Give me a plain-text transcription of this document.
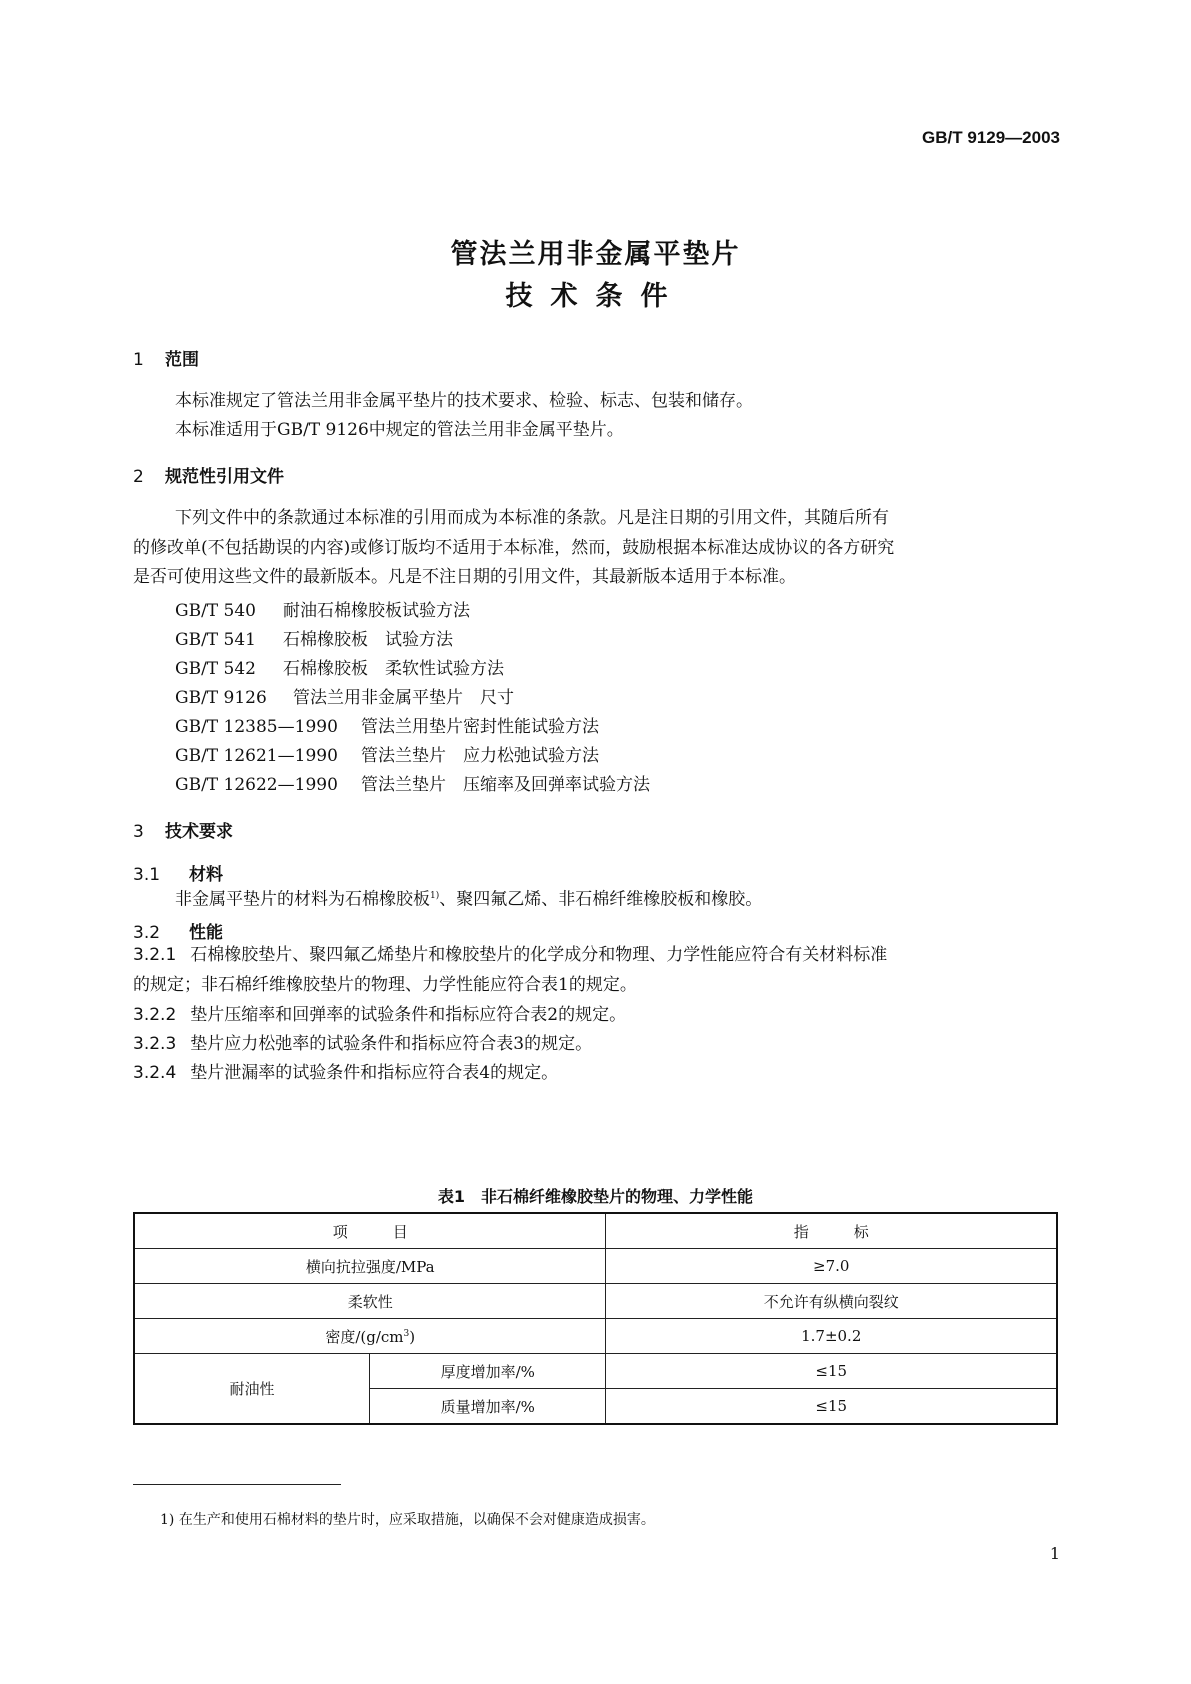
GB/T 9129—2003
管法兰用非金属平垫片
技术条件
1 范围
本标准规定了管法兰用非金属平垫片的技术要求、检验、标志、包装和储存。
本标准适用于GB/T 9126中规定的管法兰用非金属平垫片。
2 规范性引用文件
下列文件中的条款通过本标准的引用而成为本标准的条款。凡是注日期的引用文件，其随后所有
的修改单(不包括勘误的内容)或修订版均不适用于本标准，然而，鼓励根据本标准达成协议的各方研究
是否可使用这些文件的最新版本。凡是不注日期的引用文件，其最新版本适用于本标准。
GB/T 540 耐油石棉橡胶板试验方法
GB/T 541 石棉橡胶板　试验方法
GB/T 542 石棉橡胶板　柔软性试验方法
GB/T 9126 管法兰用非金属平垫片　尺寸
GB/T 12385—1990 管法兰用垫片密封性能试验方法
GB/T 12621—1990 管法兰垫片　应力松弛试验方法
GB/T 12622—1990 管法兰垫片　压缩率及回弹率试验方法
3 技术要求
3.1 材料
非金属平垫片的材料为石棉橡胶板$^{1)}$、聚四氟乙烯、非石棉纤维橡胶板和橡胶。
3.2 性能
3.2.1 石棉橡胶垫片、聚四氟乙烯垫片和橡胶垫片的化学成分和物理、力学性能应符合有关材料标准
的规定；非石棉纤维橡胶垫片的物理、力学性能应符合表1的规定。
3.2.2 垫片压缩率和回弹率的试验条件和指标应符合表2的规定。
3.2.3 垫片应力松弛率的试验条件和指标应符合表3的规定。
3.2.4 垫片泄漏率的试验条件和指标应符合表4的规定。
表1　非石棉纤维橡胶垫片的物理、力学性能
项　　　目		指　　　标
横向抗拉强度/MPa		≥7.0
柔软性		不允许有纵横向裂纹
密度$/(g/cm^3)$		1.7±0.2
耐油性	厚度增加率/%	≤15
	质量增加率/%	≤15
1) 在生产和使用石棉材料的垫片时，应采取措施，以确保不会对健康造成损害。
1
